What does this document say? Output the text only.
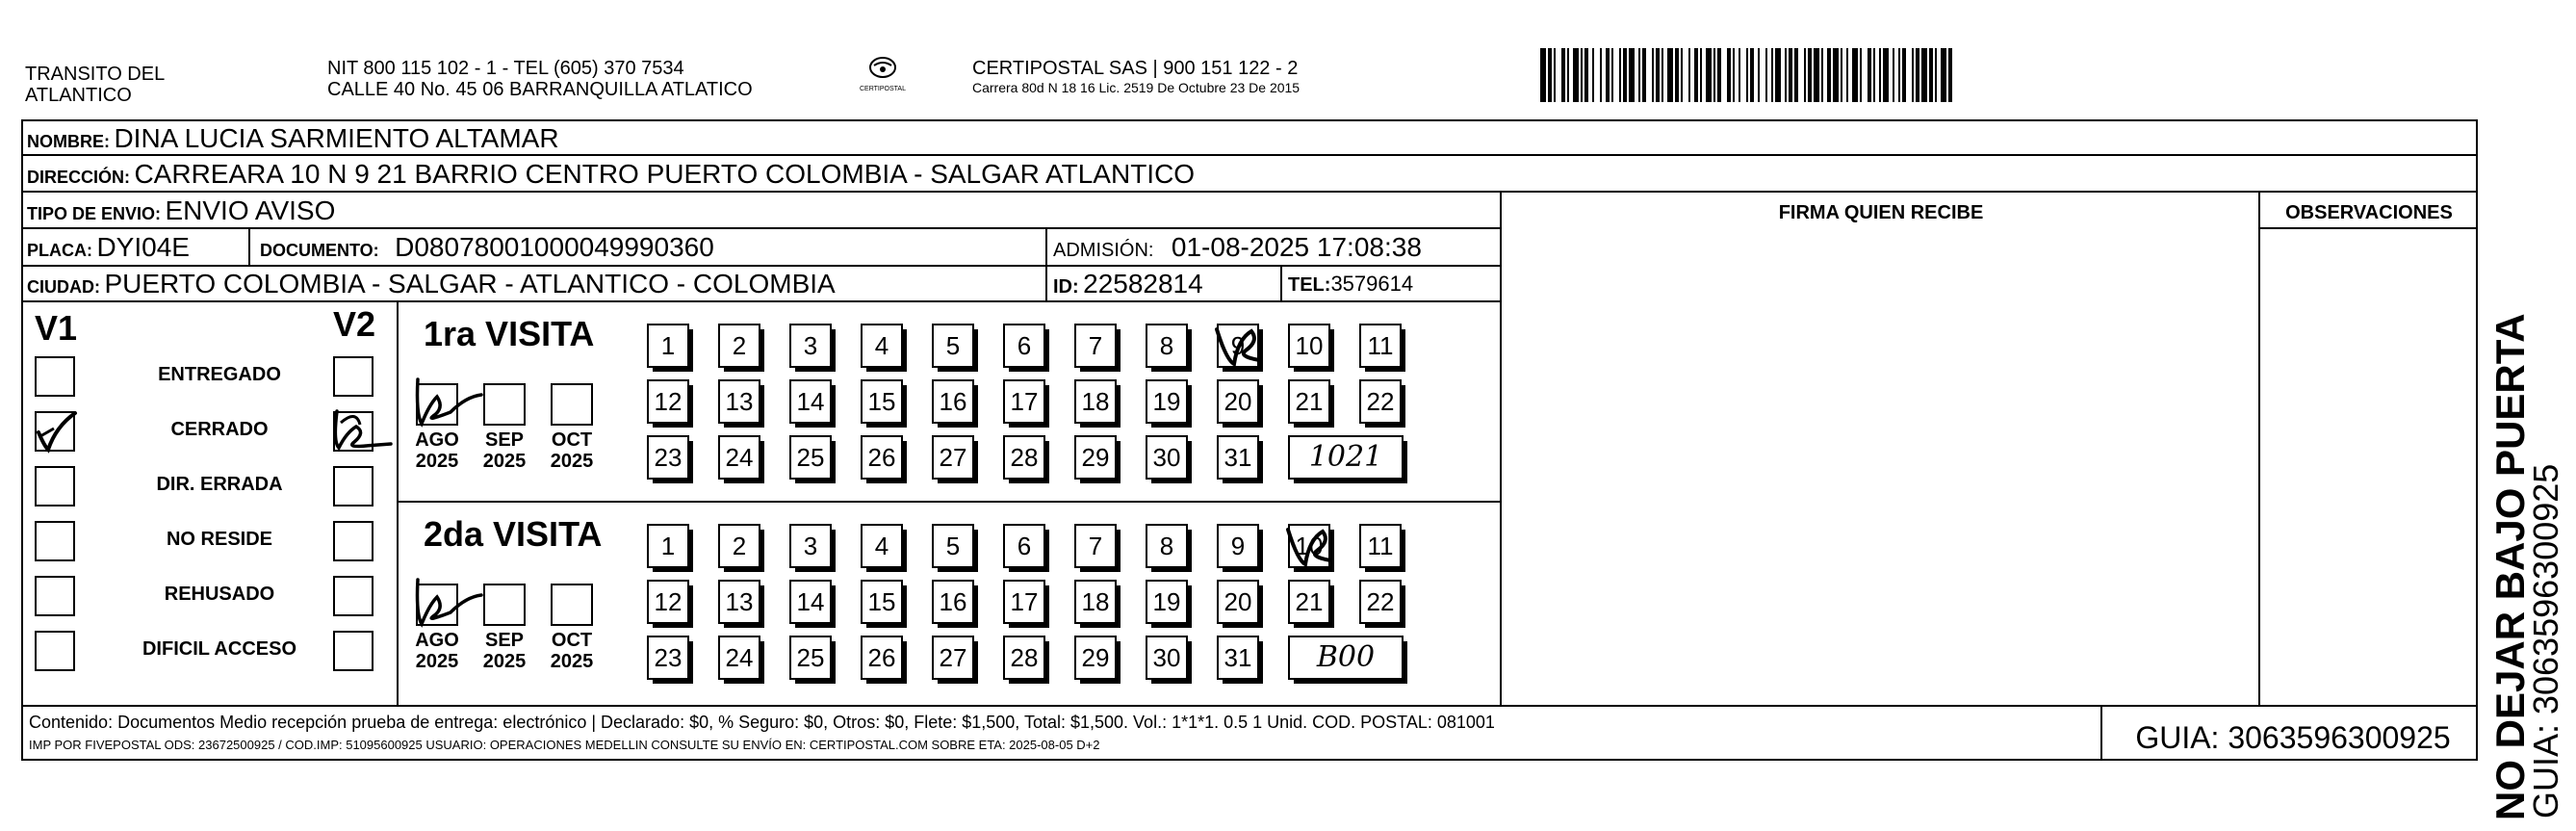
TRANSITO DEL
ATLANTICO
NIT 800 115 102 - 1 - TEL (605) 370 7534
CALLE 40 No. 45 06 BARRANQUILLA ATLATICO	CERTIPOSTAL
CERTIPOSTAL SAS | 900 151 122 - 2
Carrera 80d N 18 16 Lic. 2519 De Octubre 23 De 2015
NOMBRE: DINA LUCIA SARMIENTO ALTAMAR
DIRECCIÓN: CARREARA 10 N 9 21 BARRIO CENTRO PUERTO COLOMBIA - SALGAR ATLANTICO
TIPO DE ENVIO: ENVIO AVISO	FIRMA QUIEN RECIBE	OBSERVACIONES
PLACA: DYI04E	DOCUMENTO: D08078001000049990360	ADMISIÓN: 01-08-2025 17:08:38
CIUDAD: PUERTO COLOMBIA - SALGAR - ATLANTICO - COLOMBIA	ID: 22582814	TEL:3579614
V1	V2
ENTREGADO
CERRADO
DIR. ERRADA
NO RESIDE
REHUSADO
DIFICIL ACCESO
1ra VISITA
2da VISITA
AGO
2025
SEP
2025
OCT
2025
1	2	3	4	5	6	7	8	9	10	11
12 13 14 15 16 17 18 19 20 21 22
23 24 25 26 27 28 29 30 31	1021
AGO
2025
SEP
2025
OCT
2025
1	2	3	4	5	6	7	8	9	10	11
12 13 14 15 16 17 18 19 20 21 22
23 24 25 26 27 28 29 30 31	B00
Contenido: Documentos Medio recepción prueba de entrega: electrónico | Declarado: $0, % Seguro: $0, Otros: $0, Flete: $1,500, Total: $1,500. Vol.: 1*1*1. 0.5 1 Unid. COD. POSTAL: 081001
IMP POR FIVEPOSTAL ODS: 23672500925 / COD.IMP: 51095600925 USUARIO: OPERACIONES MEDELLIN CONSULTE SU ENVÍO EN: CERTIPOSTAL.COM SOBRE ETA: 2025-08-05 D+2	GUIA: 3063596300925 NO DEJAR BAJO PUERTA
GUIA: 3063596300925
